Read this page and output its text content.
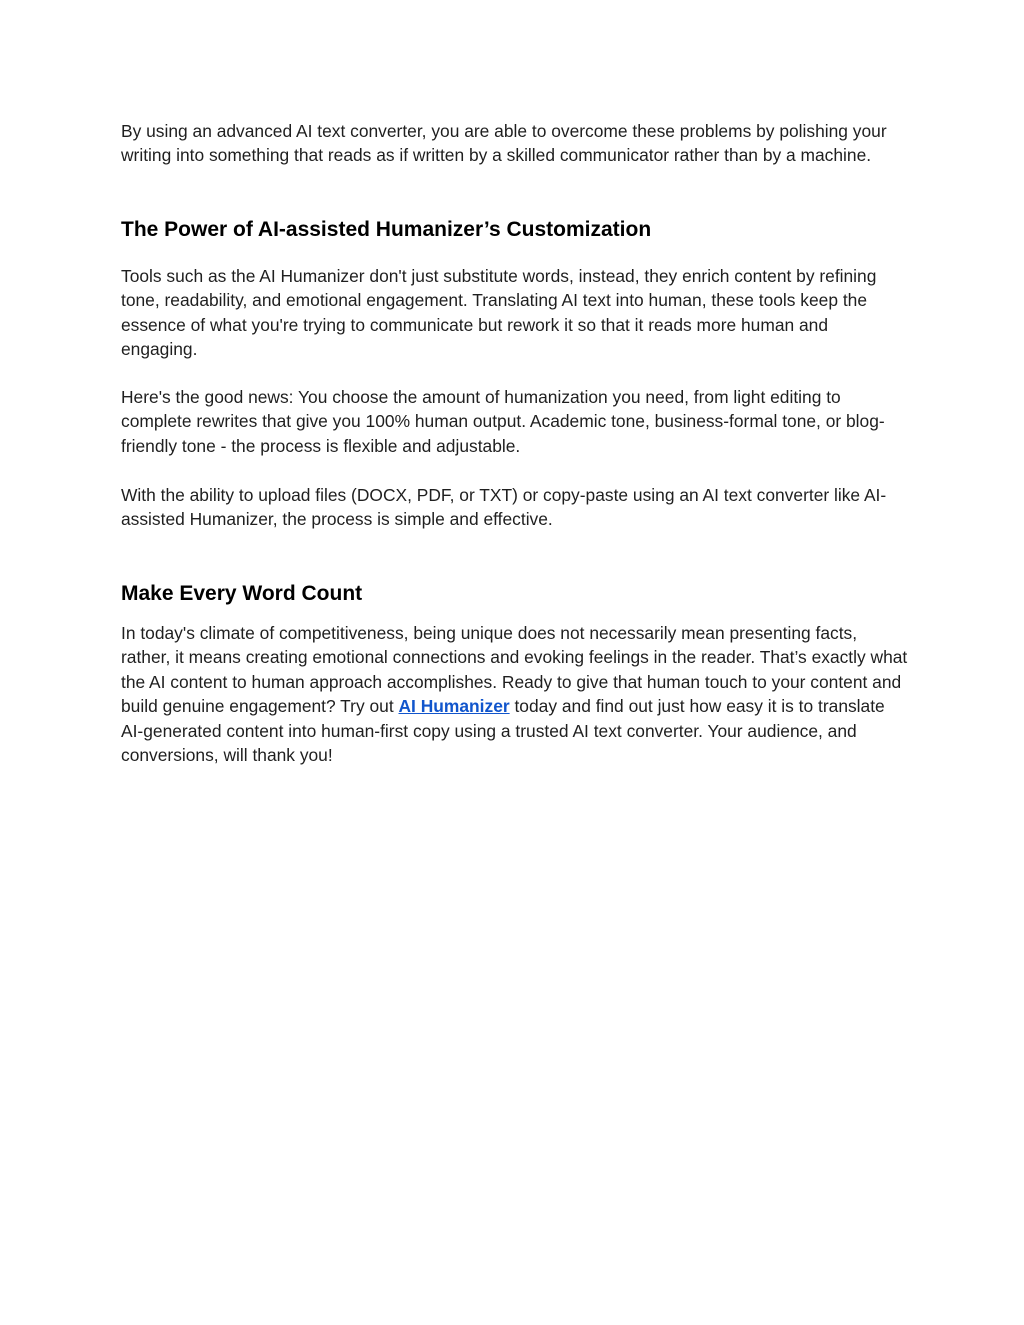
By using an advanced AI text converter, you are able to overcome these problems by polishing your writing into something that reads as if written by a skilled communicator rather than by a machine.

The Power of AI-assisted Humanizer’s Customization

Tools such as the AI Humanizer don't just substitute words, instead, they enrich content by refining tone, readability, and emotional engagement. Translating AI text into human, these tools keep the essence of what you're trying to communicate but rework it so that it reads more human and engaging.

Here's the good news: You choose the amount of humanization you need, from light editing to complete rewrites that give you 100% human output. Academic tone, business-formal tone, or blog-friendly tone - the process is flexible and adjustable.

With the ability to upload files (DOCX, PDF, or TXT) or copy-paste using an AI text converter like AI-assisted Humanizer, the process is simple and effective.

Make Every Word Count

In today's climate of competitiveness, being unique does not necessarily mean presenting facts, rather, it means creating emotional connections and evoking feelings in the reader. That’s exactly what the AI content to human approach accomplishes. Ready to give that human touch to your content and build genuine engagement? Try out AI Humanizer today and find out just how easy it is to translate AI-generated content into human-first copy using a trusted AI text converter. Your audience, and conversions, will thank you!
